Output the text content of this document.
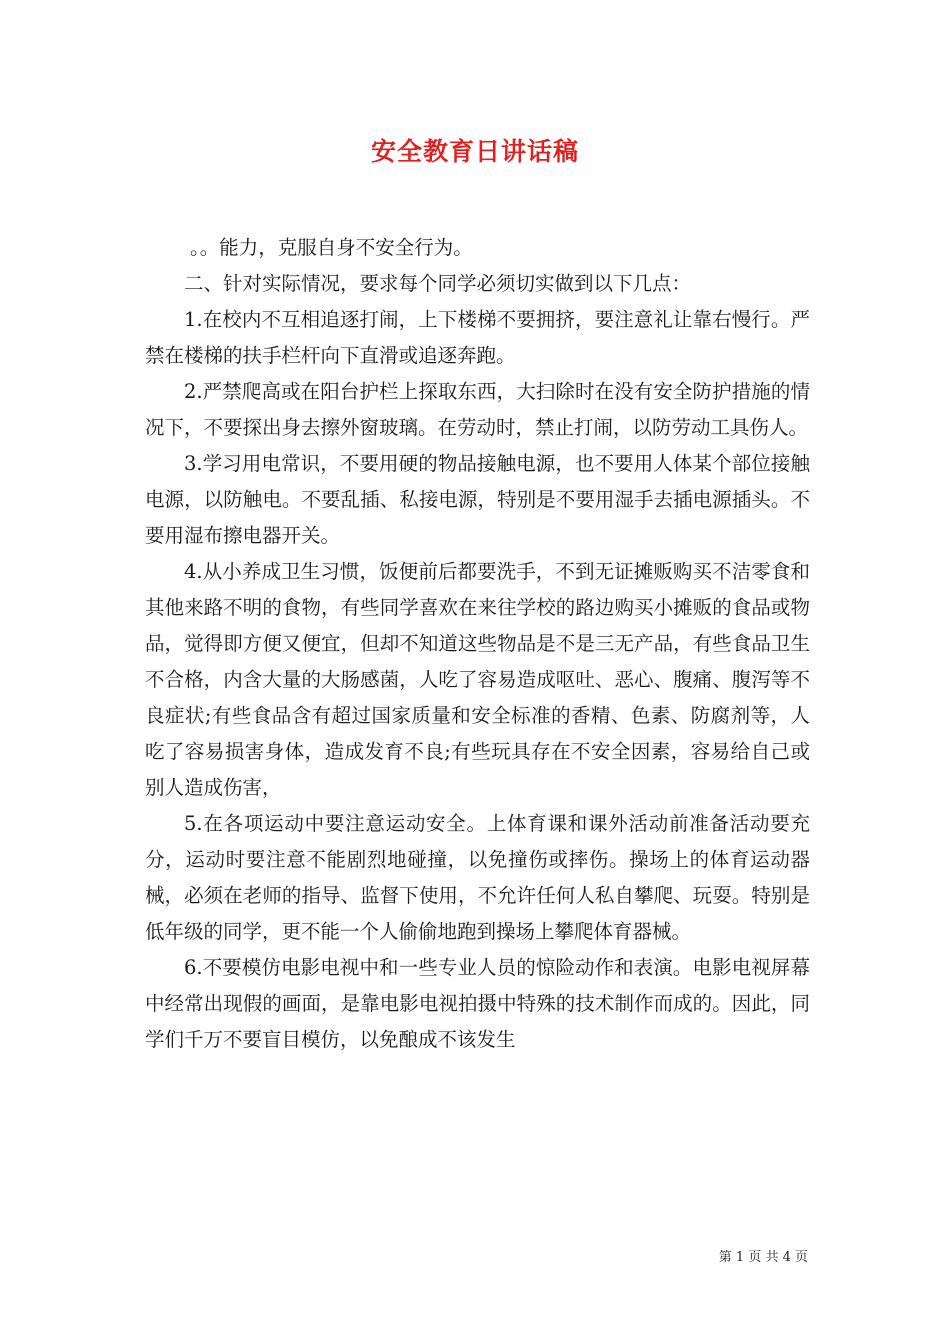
安全教育日讲话稿

。。能力，克服自身不安全行为。

二、针对实际情况，要求每个同学必须切实做到以下几点：

1.在校内不互相追逐打闹，上下楼梯不要拥挤，要注意礼让靠右慢行。严禁在楼梯的扶手栏杆向下直滑或追逐奔跑。

2.严禁爬高或在阳台护栏上探取东西，大扫除时在没有安全防护措施的情况下，不要探出身去擦外窗玻璃。在劳动时，禁止打闹，以防劳动工具伤人。

3.学习用电常识，不要用硬的物品接触电源，也不要用人体某个部位接触电源，以防触电。不要乱插、私接电源，特别是不要用湿手去插电源插头。不要用湿布擦电器开关。

4.从小养成卫生习惯，饭便前后都要洗手，不到无证摊贩购买不洁零食和其他来路不明的食物，有些同学喜欢在来往学校的路边购买小摊贩的食品或物品，觉得即方便又便宜，但却不知道这些物品是不是三无产品，有些食品卫生不合格，内含大量的大肠感菌，人吃了容易造成呕吐、恶心、腹痛、腹泻等不良症状;有些食品含有超过国家质量和安全标准的香精、色素、防腐剂等，人吃了容易损害身体，造成发育不良;有些玩具存在不安全因素，容易给自己或别人造成伤害，

5.在各项运动中要注意运动安全。上体育课和课外活动前准备活动要充分，运动时要注意不能剧烈地碰撞，以免撞伤或摔伤。操场上的体育运动器械，必须在老师的指导、监督下使用，不允许任何人私自攀爬、玩耍。特别是低年级的同学，更不能一个人偷偷地跑到操场上攀爬体育器械。

6.不要模仿电影电视中和一些专业人员的惊险动作和表演。电影电视屏幕中经常出现假的画面，是靠电影电视拍摄中特殊的技术制作而成的。因此，同学们千万不要盲目模仿，以免酿成不该发生

第 1 页 共 4 页
